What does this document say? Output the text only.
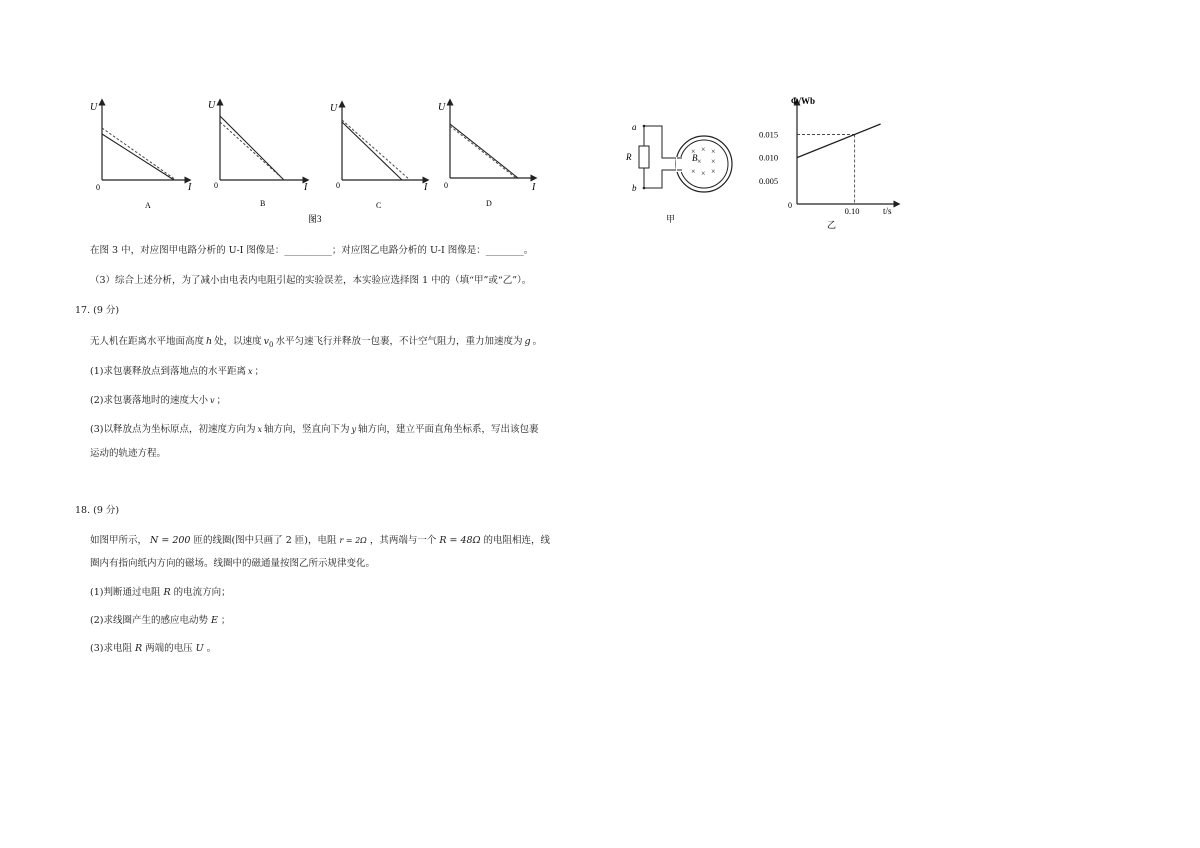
U
I
0
A
U
I
0
B
U
I
0
C
U
I
0
D
图3
a
b
R
× × ×
× ×
× × ×
B
甲
Φ/Wb
t/s
0
0.015
0.010
0.005
0.10
乙
在图 3 中，对应图甲电路分析的 U-I 图像是：__________；对应图乙电路分析的 U-I 图像是：________。
（3）综合上述分析，为了减小由电表内电阻引起的实验误差，本实验应选择图 1 中的（填“甲”或“乙”）。
17. (9 分)
无人机在距离水平地面高度 h 处，以速度 $v_0$ 水平匀速飞行并释放一包裹，不计空气阻力，重力加速度为 g 。
(1)求包裹释放点到落地点的水平距离 x ；
(2)求包裹落地时的速度大小 v ；
(3)以释放点为坐标原点，初速度方向为 x 轴方向，竖直向下为 y 轴方向，建立平面直角坐标系，写出该包裹
运动的轨迹方程。
18. (9 分)
如图甲所示， N = 200 匝的线圈(图中只画了 2 匝)，电阻 r = 2Ω ，其两端与一个 R = 48Ω 的电阻相连，线
圈内有指向纸内方向的磁场。线圈中的磁通量按图乙所示规律变化。
(1)判断通过电阻 R 的电流方向；
(2)求线圈产生的感应电动势 E ；
(3)求电阻 R 两端的电压 U 。
